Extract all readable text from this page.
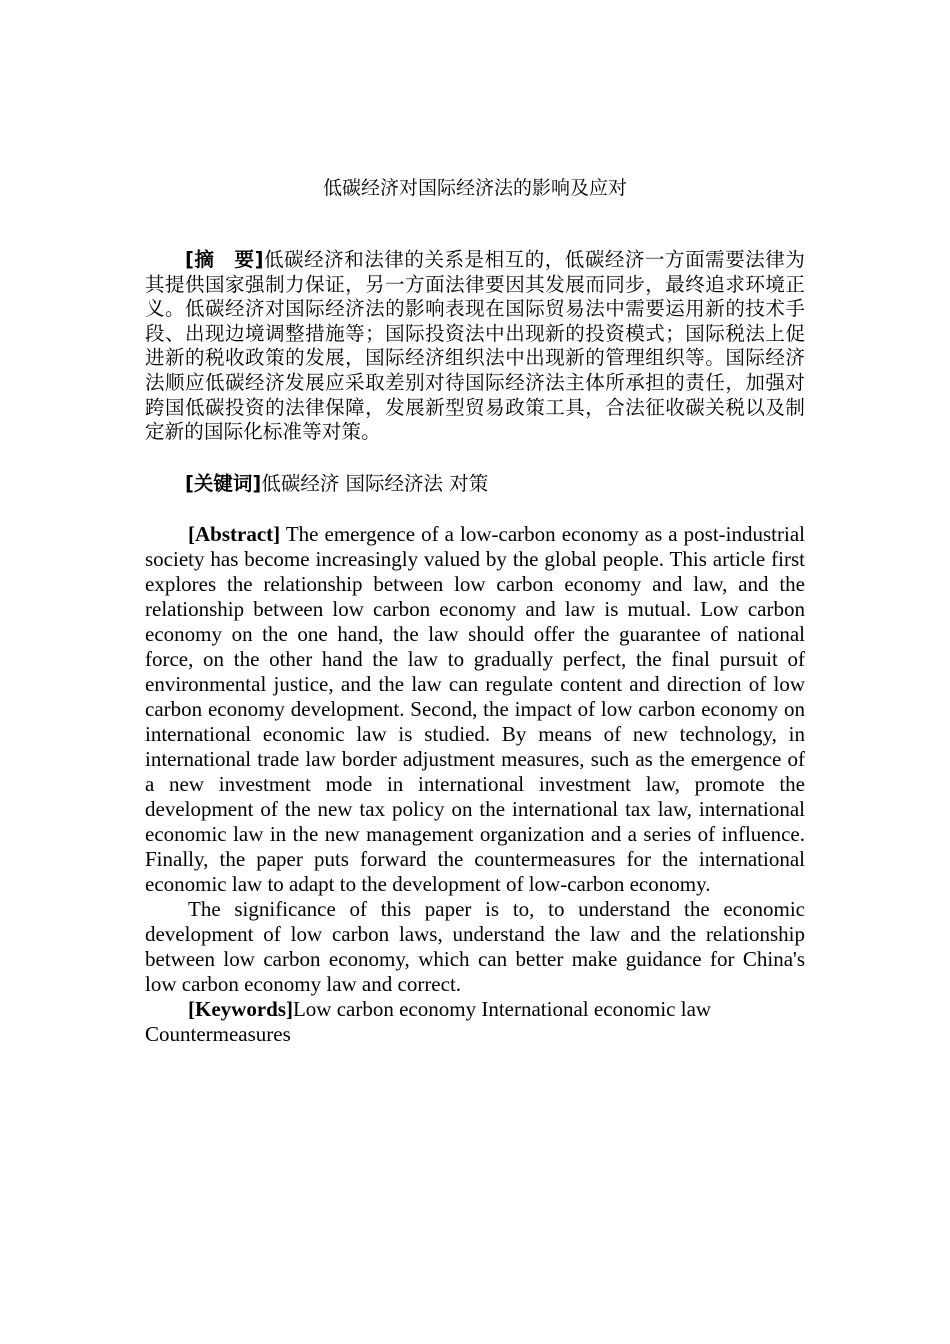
低碳经济对国际经济法的影响及应对

[摘　要]低碳经济和法律的关系是相互的，低碳经济一方面需要法律为其提供国家强制力保证，另一方面法律要因其发展而同步，最终追求环境正义。低碳经济对国际经济法的影响表现在国际贸易法中需要运用新的技术手段、出现边境调整措施等；国际投资法中出现新的投资模式；国际税法上促进新的税收政策的发展，国际经济组织法中出现新的管理组织等。国际经济法顺应低碳经济发展应采取差别对待国际经济法主体所承担的责任，加强对跨国低碳投资的法律保障，发展新型贸易政策工具，合法征收碳关税以及制定新的国际化标准等对策。

[关键词]低碳经济 国际经济法 对策

[Abstract] The emergence of a low-carbon economy as a post-industrial society has become increasingly valued by the global people. This article first explores the relationship between low carbon economy and law, and the relationship between low carbon economy and law is mutual. Low carbon economy on the one hand, the law should offer the guarantee of national force, on the other hand the law to gradually perfect, the final pursuit of environmental justice, and the law can regulate content and direction of low carbon economy development. Second, the impact of low carbon economy on international economic law is studied. By means of new technology, in international trade law border adjustment measures, such as the emergence of a new investment mode in international investment law, promote the development of the new tax policy on the international tax law, international economic law in the new management organization and a series of influence. Finally, the paper puts forward the countermeasures for the international economic law to adapt to the development of low-carbon economy.

The significance of this paper is to, to understand the economic development of low carbon laws, understand the law and the relationship between low carbon economy, which can better make guidance for China's low carbon economy law and correct.

[Keywords]Low carbon economy International economic law Countermeasures
